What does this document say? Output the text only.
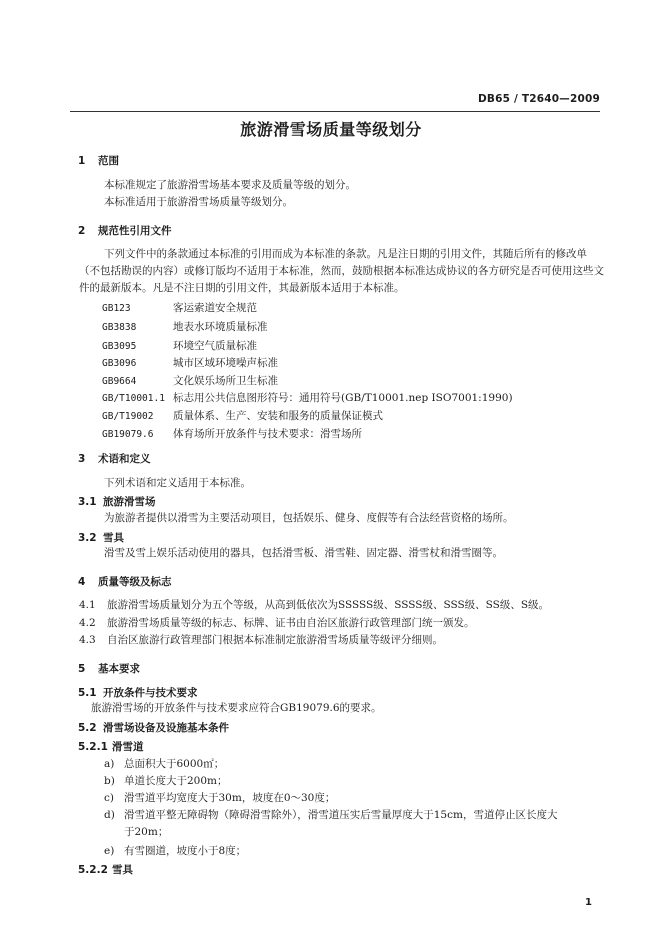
DB65 / T2640—2009
旅游滑雪场质量等级划分
1 范围
本标准规定了旅游滑雪场基本要求及质量等级的划分。
本标准适用于旅游滑雪场质量等级划分。
2 规范性引用文件
下列文件中的条款通过本标准的引用而成为本标准的条款。凡是注日期的引用文件，其随后所有的修改单（不包括勘误的内容）或修订版均不适用于本标准，然而，鼓励根据本标准达成协议的各方研究是否可使用这些文件的最新版本。凡是不注日期的引用文件，其最新版本适用于本标准。
GB123	客运索道安全规范
GB3838	地表水环境质量标准
GB3095	环境空气质量标准
GB3096	城市区域环境噪声标准
GB9664	文化娱乐场所卫生标准
GB/T10001.1 标志用公共信息图形符号：通用符号(GB/T10001.nep ISO7001:1990)
GB/T19002 质量体系、生产、安装和服务的质量保证模式
GB19079.6 体育场所开放条件与技术要求：滑雪场所
3 术语和定义
下列术语和定义适用于本标准。
3.1 旅游滑雪场
为旅游者提供以滑雪为主要活动项目，包括娱乐、健身、度假等有合法经营资格的场所。
3.2 雪具
滑雪及雪上娱乐活动使用的器具，包括滑雪板、滑雪鞋、固定器、滑雪杖和滑雪圈等。
4 质量等级及标志
4.1 旅游滑雪场质量划分为五个等级，从高到低依次为SSSSS级、SSSS级、SSS级、SS级、S级。
4.2 旅游滑雪场质量等级的标志、标牌、证书由自治区旅游行政管理部门统一颁发。
4.3 自治区旅游行政管理部门根据本标准制定旅游滑雪场质量等级评分细则。
5 基本要求
5.1 开放条件与技术要求
旅游滑雪场的开放条件与技术要求应符合GB19079.6的要求。
5.2 滑雪场设备及设施基本条件
5.2.1 滑雪道
a) 总面积大于6000㎡；
b) 单道长度大于200m；
c) 滑雪道平均宽度大于30m，坡度在0～30度；
d) 滑雪道平整无障碍物（障碍滑雪除外），滑雪道压实后雪量厚度大于15cm，雪道停止区长度大
于20m；
e) 有雪圈道，坡度小于8度；
5.2.2 雪具
1
